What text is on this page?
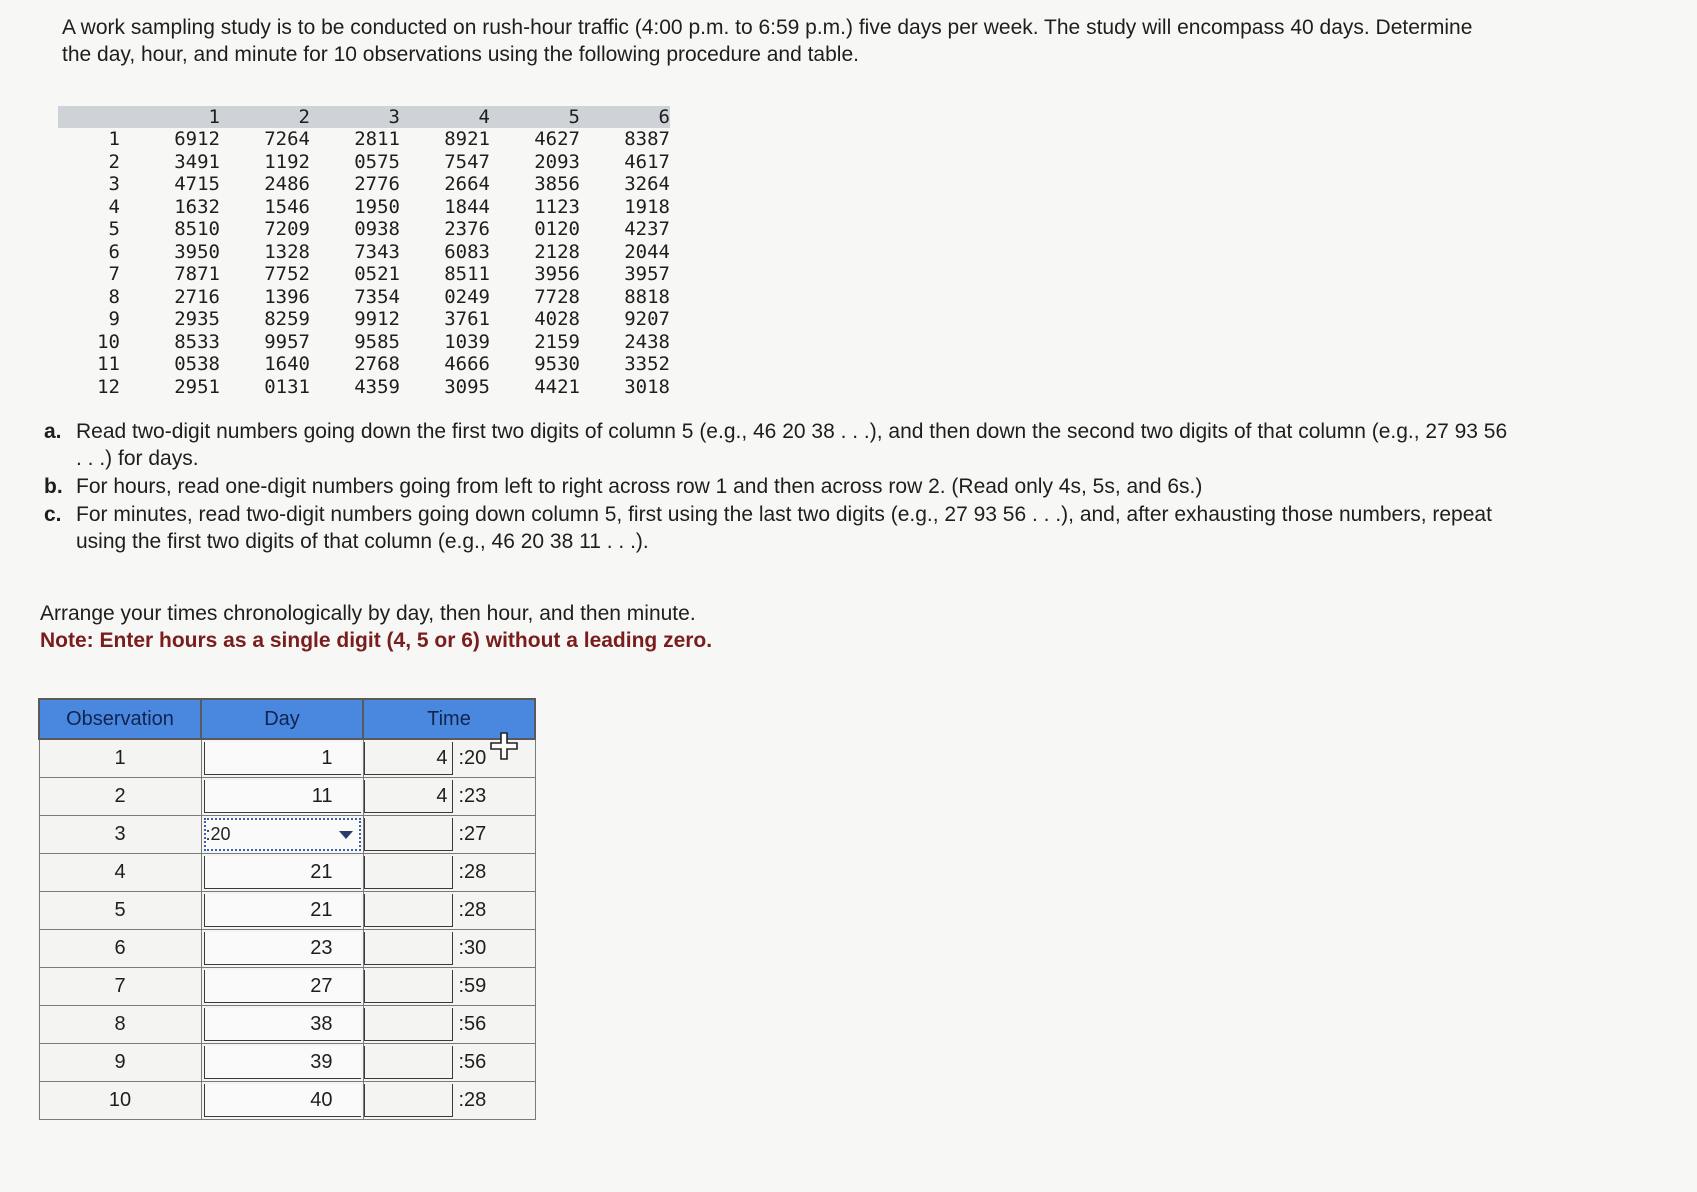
A work sampling study is to be conducted on rush-hour traffic (4:00 p.m. to 6:59 p.m.) five days per week. The study will encompass 40 days. Determine the day, hour, and minute for 10 observations using the following procedure and table.
	1	2	3	4	5	6
1	6912	7264	2811	8921	4627	8387
2	3491	1192	0575	7547	2093	4617
3	4715	2486	2776	2664	3856	3264
4	1632	1546	1950	1844	1123	1918
5	8510	7209	0938	2376	0120	4237
6	3950	1328	7343	6083	2128	2044
7	7871	7752	0521	8511	3956	3957
8	2716	1396	7354	0249	7728	8818
9	2935	8259	9912	3761	4028	9207
10	8533	9957	9585	1039	2159	2438
11	0538	1640	2768	4666	9530	3352
12	2951	0131	4359	3095	4421	3018
a. Read two-digit numbers going down the first two digits of column 5 (e.g., 46 20 38 . . .), and then down the second two digits of that column (e.g., 27 93 56 . . .) for days.
b. For hours, read one-digit numbers going from left to right across row 1 and then across row 2. (Read only 4s, 5s, and 6s.)
c. For minutes, read two-digit numbers going down column 5, first using the last two digits (e.g., 27 93 56 . . .), and, after exhausting those numbers, repeat using the first two digits of that column (e.g., 46 20 38 11 . . .).
Arrange your times chronologically by day, then hour, and then minute.
Note: Enter hours as a single digit (4, 5 or 6) without a leading zero.
Observation	Day	Time
1	1	4 :20

2	11	4 :23

3	:20	:27

4	21	:28

5	21	:28

6	23	:30

7	27	:59

8	38	:56

9	39	:56

10	40	:28
